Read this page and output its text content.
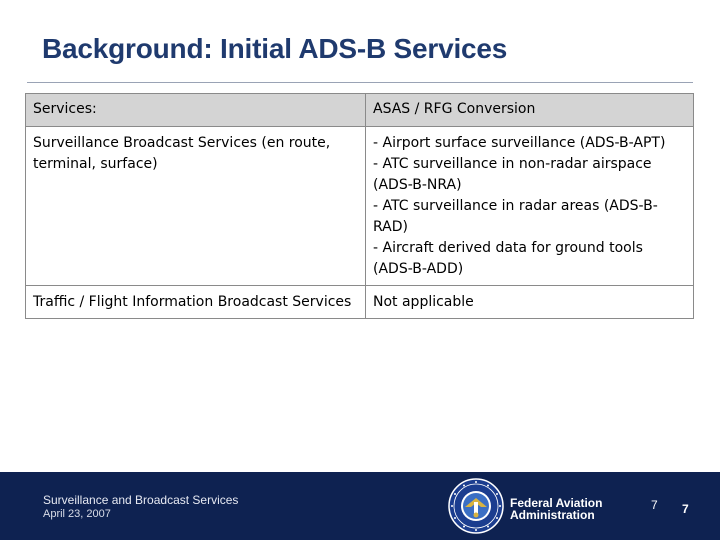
Background: Initial ADS-B Services
Services:	ASAS / RFG Conversion
Surveillance Broadcast Services (en route, terminal, surface)	- Airport surface surveillance (ADS-B-APT)
- ATC surveillance in non-radar airspace (ADS-B-NRA)
- ATC surveillance in radar areas (ADS-B-RAD)
- Aircraft derived data for ground tools (ADS-B-ADD)

Traffic / Flight Information Broadcast Services	Not applicable
Surveillance and Broadcast Services
April 23, 2007
Federal Aviation
Administration
7 7
